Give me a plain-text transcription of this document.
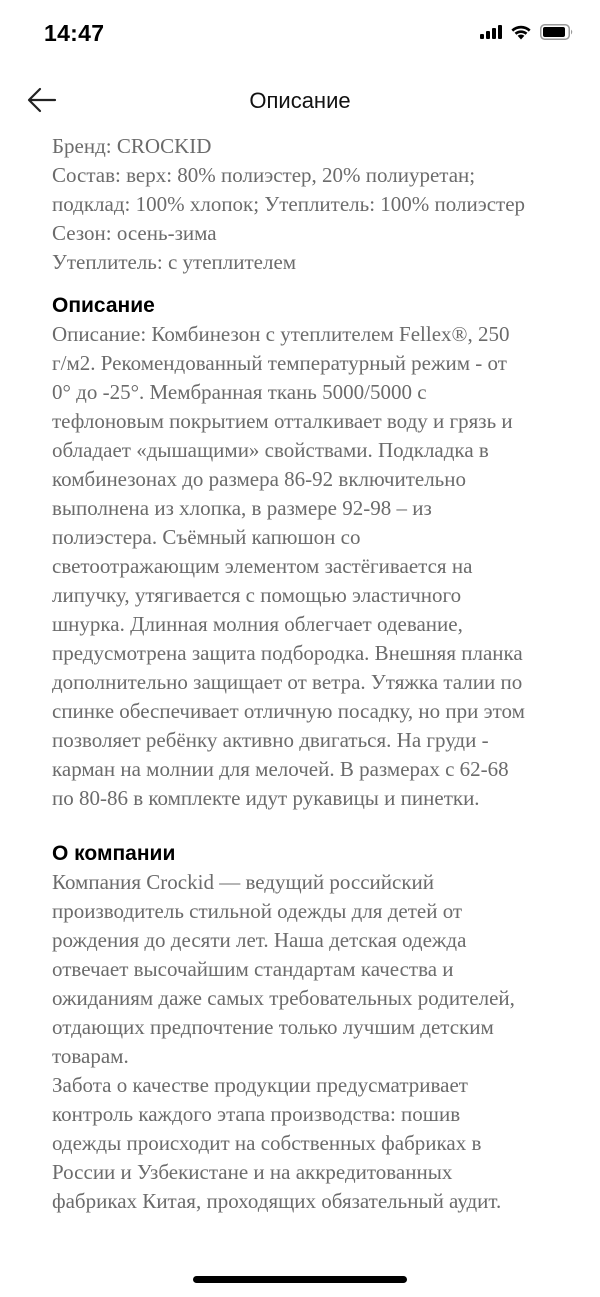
14:47
Описание
Бренд: CROCKID
Состав: верх: 80% полиэстер, 20% полиуретан;
подклад: 100% хлопок; Утеплитель: 100% полиэстер
Сезон: осень-зима
Утеплитель: с утеплителем
Описание
Описание: Комбинезон с утеплителем Fellex®, 250
г/м2. Рекомендованный температурный режим - от
0° до -25°. Мембранная ткань 5000/5000 с
тефлоновым покрытием отталкивает воду и грязь и
обладает «дышащими» свойствами. Подкладка в
комбинезонах до размера 86-92 включительно
выполнена из хлопка, в размере 92-98 – из
полиэстера. Съёмный капюшон со
светоотражающим элементом застёгивается на
липучку, утягивается с помощью эластичного
шнурка. Длинная молния облегчает одевание,
предусмотрена защита подбородка. Внешняя планка
дополнительно защищает от ветра. Утяжка талии по
спинке обеспечивает отличную посадку, но при этом
позволяет ребёнку активно двигаться. На груди -
карман на молнии для мелочей. В размерах с 62-68
по 80-86 в комплекте идут рукавицы и пинетки.
О компании
Компания Crockid — ведущий российский
производитель стильной одежды для детей от
рождения до десяти лет. Наша детская одежда
отвечает высочайшим стандартам качества и
ожиданиям даже самых требовательных родителей,
отдающих предпочтение только лучшим детским
товарам.
Забота о качестве продукции предусматривает
контроль каждого этапа производства: пошив
одежды происходит на собственных фабриках в
России и Узбекистане и на аккредитованных
фабриках Китая, проходящих обязательный аудит.
